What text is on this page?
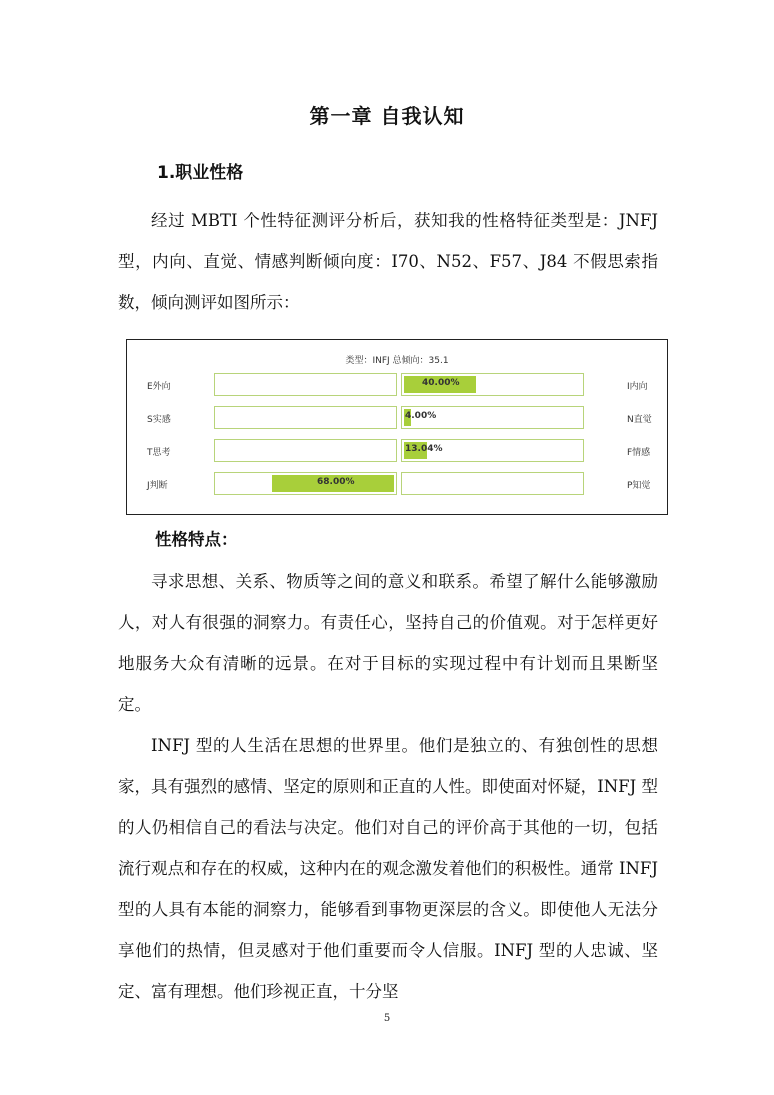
第一章 自我认知
1.职业性格

经过 MBTI 个性特征测评分析后，获知我的性格特征类型是：JNFJ 型，内向、直觉、情感判断倾向度：I70、N52、F57、J84 不假思索指数，倾向测评如图所示：

类型：INFJ 总倾向：35.1
E外向	40.00%	I内向
S实感	4.00%	N直觉
T思考	13.04%	F情感
J判断	68.00%	P知觉
性格特点：

寻求思想、关系、物质等之间的意义和联系。希望了解什么能够激励人，对人有很强的洞察力。有责任心，坚持自己的价值观。对于怎样更好地服务大众有清晰的远景。在对于目标的实现过程中有计划而且果断坚定。

INFJ 型的人生活在思想的世界里。他们是独立的、有独创性的思想家，具有强烈的感情、坚定的原则和正直的人性。即使面对怀疑，INFJ 型的人仍相信自己的看法与决定。他们对自己的评价高于其他的一切，包括流行观点和存在的权威，这种内在的观念激发着他们的积极性。通常 INFJ 型的人具有本能的洞察力，能够看到事物更深层的含义。即使他人无法分享他们的热情，但灵感对于他们重要而令人信服。INFJ 型的人忠诚、坚定、富有理想。他们珍视正直，十分坚

5
